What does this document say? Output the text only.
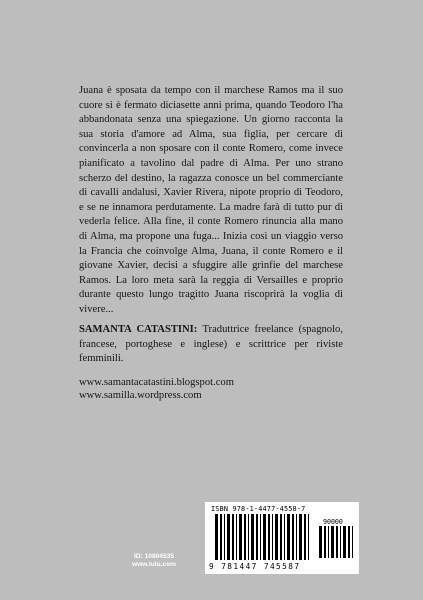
Juana è sposata da tempo con il marchese Ramos ma il suo cuore si è fermato diciasette anni prima, quando Teodoro l'ha abbandonata senza una spiegazione. Un giorno racconta la sua storia d'amore ad Alma, sua figlia, per cercare di convincerla a non sposare con il conte Romero, come invece pianificato a tavolino dal padre di Alma. Per uno strano scherzo del destino, la ragazza conosce un bel commerciante di cavalli andalusi, Xavier Rivera, nipote proprio di Teodoro, e se ne innamora perdutamente. La madre farà di tutto pur di vederla felice. Alla fine, il conte Romero rinuncia alla mano di Alma, ma propone una fuga... Inizia così un viaggio verso la Francia che coinvolge Alma, Juana, il conte Romero e il giovane Xavier, decisi a sfuggire alle grinfie del marchese Ramos. La loro meta sarà la reggia di Versailles e proprio durante questo lungo tragitto Juana riscoprirà la voglia di vivere...

SAMANTA CATASTINI: Traduttrice freelance (spagnolo, francese, portoghese e inglese) e scrittrice per riviste femminili.

www.samantacatastini.blogspot.com
www.samilla.wordpress.com
ID: 10804535
www.lulu.com
ISBN 978-1-4477-4558-7
90000
9 781447 745587
